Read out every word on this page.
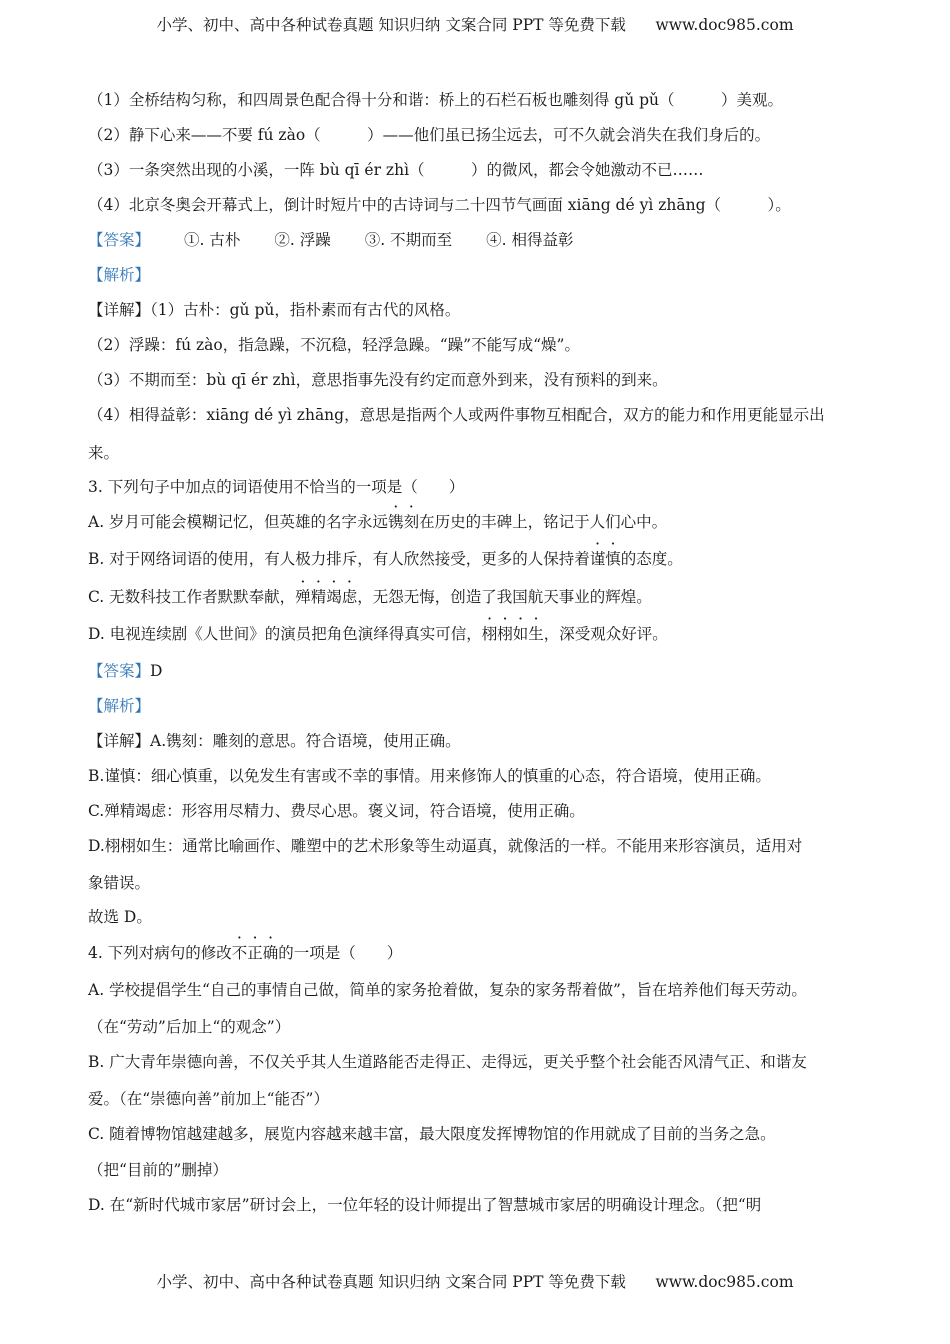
小学、初中、高中各种试卷真题 知识归纳 文案合同 PPT 等免费下载 www.doc985.com
（1）全桥结构匀称，和四周景色配合得十分和谐：桥上的石栏石板也雕刻得 gǔ pǔ（　　　）美观。
（2）静下心来——不要 fú zào（　　　）——他们虽已扬尘远去，可不久就会消失在我们身后的。
（3）一条突然出现的小溪，一阵 bù qī ér zhì（　　　）的微风，都会令她激动不已……
（4）北京冬奥会开幕式上，倒计时短片中的古诗词与二十四节气画面 xiāng dé yì zhāng（　　　）。
【答案】 ①. 古朴 ②. 浮躁 ③. 不期而至 ④. 相得益彰
【解析】
【详解】（1）古朴：gǔ pǔ，指朴素而有古代的风格。
（2）浮躁：fú zào，指急躁，不沉稳，轻浮急躁。“躁”不能写成“燥”。
（3）不期而至：bù qī ér zhì，意思指事先没有约定而意外到来，没有预料的到来。
（4）相得益彰：xiāng dé yì zhāng，意思是指两个人或两件事物互相配合，双方的能力和作用更能显示出
来。
3. 下列句子中加点的词语使用不恰当的一项是（　　）
A. 岁月可能会模糊记忆，但英雄的名字永远镌刻在历史的丰碑上，铭记于人们心中。
B. 对于网络词语的使用，有人极力排斥，有人欣然接受，更多的人保持着谨慎的态度。
C. 无数科技工作者默默奉献，殚精竭虑，无怨无悔，创造了我国航天事业的辉煌。
D. 电视连续剧《人世间》的演员把角色演绎得真实可信，栩栩如生，深受观众好评。
【答案】D
【解析】
【详解】A.镌刻：雕刻的意思。符合语境，使用正确。
B.谨慎：细心慎重，以免发生有害或不幸的事情。用来修饰人的慎重的心态，符合语境，使用正确。
C.殚精竭虑：形容用尽精力、费尽心思。褒义词，符合语境，使用正确。
D.栩栩如生：通常比喻画作、雕塑中的艺术形象等生动逼真，就像活的一样。不能用来形容演员，适用对
象错误。
故选 D。
4. 下列对病句的修改不正确的一项是（　　）
A. 学校提倡学生“自己的事情自己做，简单的家务抢着做，复杂的家务帮着做”，旨在培养他们每天劳动。
（在“劳动”后加上“的观念”）
B. 广大青年崇德向善，不仅关乎其人生道路能否走得正、走得远，更关乎整个社会能否风清气正、和谐友
爱。（在“崇德向善”前加上“能否”）
C. 随着博物馆越建越多，展览内容越来越丰富，最大限度发挥博物馆的作用就成了目前的当务之急。
（把“目前的”删掉）
D. 在“新时代城市家居”研讨会上，一位年轻的设计师提出了智慧城市家居的明确设计理念。（把“明
小学、初中、高中各种试卷真题 知识归纳 文案合同 PPT 等免费下载 www.doc985.com
